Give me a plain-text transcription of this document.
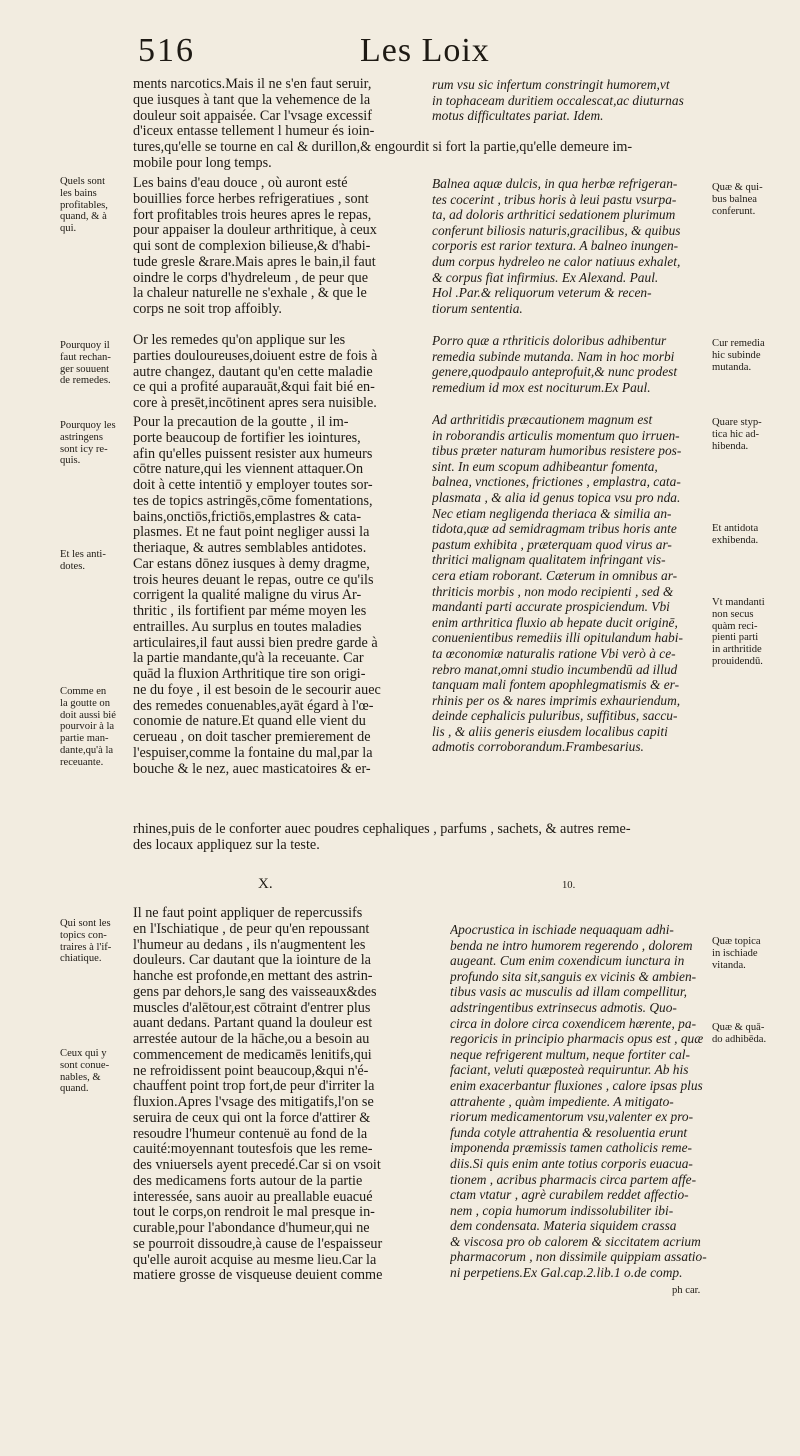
516	Les Loix
ments narcotics.Mais il ne s'en faut seruir,
que iusques à tant que la vehemence de la
douleur soit appaisée. Car l'vsage excessif
d'iceux entasse tellement l humeur és ioin-
rum vsu sic infertum constringit humorem,vt
in tophaceam duritiem occalescat,ac diuturnas
motus difficultates pariat. Idem.
tures,qu'elle se tourne en cal & durillon,& engourdit si fort la partie,qu'elle demeure im-
mobile pour long temps.
Quels sont
les bains
profitables,
quand, & à
qui.
Les bains d'eau douce , où auront esté
bouillies force herbes refrigeratiues , sont
fort profitables trois heures apres le repas,
pour appaiser la douleur arthritique, à ceux
qui sont de complexion bilieuse,& d'habi-
tude gresle &rare.Mais apres le bain,il faut
oindre le corps d'hydreleum , de peur que
la chaleur naturelle ne s'exhale , & que le
corps ne soit trop affoibly.
Balnea aquæ dulcis, in qua herbæ refrigeran-
tes cocerint , tribus horis à leui pastu vsurpa-
ta, ad doloris arthritici sedationem plurimum
conferunt biliosis naturis,gracilibus, & quibus
corporis est rarior textura. A balneo inungen-
dum corpus hydreleo ne calor natiuus exhalet,
& corpus fiat infirmius. Ex Alexand. Paul.
Hol .Par.& reliquorum veterum & recen-
tiorum sententia.
Quæ & qui-
bus balnea
conferunt.
Pourquoy il
faut rechan-
ger souuent
de remedes.
Or les remedes qu'on applique sur les
parties douloureuses,doiuent estre de fois à
autre changez, dautant qu'en cette maladie
ce qui a profité auparauāt,&qui fait bié en-
core à presēt,incōtinent apres sera nuisible.
Porro quæ a rthriticis doloribus adhibentur
remedia subinde mutanda. Nam in hoc morbi
genere,quodpaulo anteprofuit,& nunc prodest
remedium id mox est nociturum.Ex Paul.
Cur remedia
hic subinde
mutanda.
Pourquoy les
astringens
sont icy re-
quis.
Et les anti-
dotes.
Comme en
la goutte on
doit aussi bié
pourvoir à la
partie man-
dante,qu'à la
receuante.
Pour la precaution de la goutte , il im-
porte beaucoup de fortifier les iointures,
afin qu'elles puissent resister aux humeurs
cōtre nature,qui les viennent attaquer.On
doit à cette intentiō y employer toutes sor-
tes de topics astringēs,cōme fomentations,
bains,onctiōs,frictiōs,emplastres & cata-
plasmes. Et ne faut point negliger aussi la
theriaque, & autres semblables antidotes.
Car estans dōnez iusques à demy dragme,
trois heures deuant le repas, outre ce qu'ils
corrigent la qualité maligne du virus Ar-
thritic , ils fortifient par méme moyen les
entrailles. Au surplus en toutes maladies
articulaires,il faut aussi bien predre garde à
la partie mandante,qu'à la receuante. Car
quād la fluxion Arthritique tire son origi-
ne du foye , il est besoin de le secourir auec
des remedes conuenables,ayāt égard à l'œ-
conomie de nature.Et quand elle vient du
cerueau , on doit tascher premierement de
l'espuiser,comme la fontaine du mal,par la
bouche & le nez, auec masticatoires & er-
Ad arthritidis præcautionem magnum est
in roborandis articulis momentum quo irruen-
tibus præter naturam humoribus resistere pos-
sint. In eum scopum adhibeantur fomenta,
balnea, vnctiones, frictiones , emplastra, cata-
plasmata , & alia id genus topica vsu pro nda.
Nec etiam negligenda theriaca & similia an-
tidota,quæ ad semidragmam tribus horis ante
pastum exhibita , præterquam quod virus ar-
thritici malignam qualitatem infringant vis-
cera etiam roborant. Cæterum in omnibus ar-
thriticis morbis , non modo recipienti , sed &
mandanti parti accurate prospiciendum. Vbi
enim arthritica fluxio ab hepate ducit originē,
conuenientibus remediis illi opitulandum habi-
ta œconomiæ naturalis ratione Vbi verò à ce-
rebro manat,omni studio incumbendū ad illud
tanquam mali fontem apophlegmatismis & er-
rhinis per os & nares imprimis exhauriendum,
deinde cephalicis puluribus, suffitibus, saccu-
lis , & aliis generis eiusdem localibus capiti
admotis corroborandum.Frambesarius.
Quare styp-
tica hic ad-
hibenda.
Et antidota
exhibenda.
Vt mandanti
non secus
quàm reci-
pienti parti
in arthritide
prouidendū.
rhines,puis de le conforter auec poudres cephaliques , parfums , sachets, & autres reme-
des locaux appliquez sur la teste.
X.	10.
Qui sont les
topics con-
traires à l'if-
chiatique.
Ceux qui y
sont conue-
nables, &
quand.
Il ne faut point appliquer de repercussifs
en l'Ischiatique , de peur qu'en repoussant
l'humeur au dedans , ils n'augmentent les
douleurs. Car dautant que la iointure de la
hanche est profonde,en mettant des astrin-
gens par dehors,le sang des vaisseaux&des
muscles d'alētour,est cōtraint d'entrer plus
auant dedans. Partant quand la douleur est
arrestée autour de la hāche,ou a besoin au
commencement de medicamēs lenitifs,qui
ne refroidissent point beaucoup,&qui n'é-
chauffent point trop fort,de peur d'irriter la
fluxion.Apres l'vsage des mitigatifs,l'on se
seruira de ceux qui ont la force d'attirer &
resoudre l'humeur contenuë au fond de la
cauité:moyennant toutesfois que les reme-
des vniuersels ayent precedé.Car si on vsoit
des medicamens forts autour de la partie
interessée, sans auoir au preallable euacué
tout le corps,on rendroit le mal presque in-
curable,pour l'abondance d'humeur,qui ne
se pourroit dissoudre,à cause de l'espaisseur
qu'elle auroit acquise au mesme lieu.Car la
matiere grosse de visqueuse deuient comme
Apocrustica in ischiade nequaquam adhi-
benda ne intro humorem regerendo , dolorem
augeant. Cum enim coxendicum iunctura in
profundo sita sit,sanguis ex vicinis & ambien-
tibus vasis ac musculis ad illam compellitur,
adstringentibus extrinsecus admotis. Quo-
circa in dolore circa coxendicem hærente, pa-
regoricis in principio pharmacis opus est , quæ
neque refrigerent multum, neque fortiter cal-
faciant, veluti quæposteà requiruntur. Ab his
enim exacerbantur fluxiones , calore ipsas plus
attrahente , quàm impediente. A mitigato-
riorum medicamentorum vsu,valenter ex pro-
funda cotyle attrahentia & resoluentia erunt
imponenda præmissis tamen catholicis reme-
diis.Si quis enim ante totius corporis euacua-
tionem , acribus pharmacis circa partem affe-
ctam vtatur , agrè curabilem reddet affectio-
nem , copia humorum indissolubiliter ibi-
dem condensata. Materia siquidem crassa
& viscosa pro ob calorem & siccitatem acrium
pharmacorum , non dissimile quippiam assatio-
ni perpetiens.Ex Gal.cap.2.lib.1 o.de comp.
ph car.
Quæ topica
in ischiade
vitanda.
Quæ & quā-
do adhibēda.
